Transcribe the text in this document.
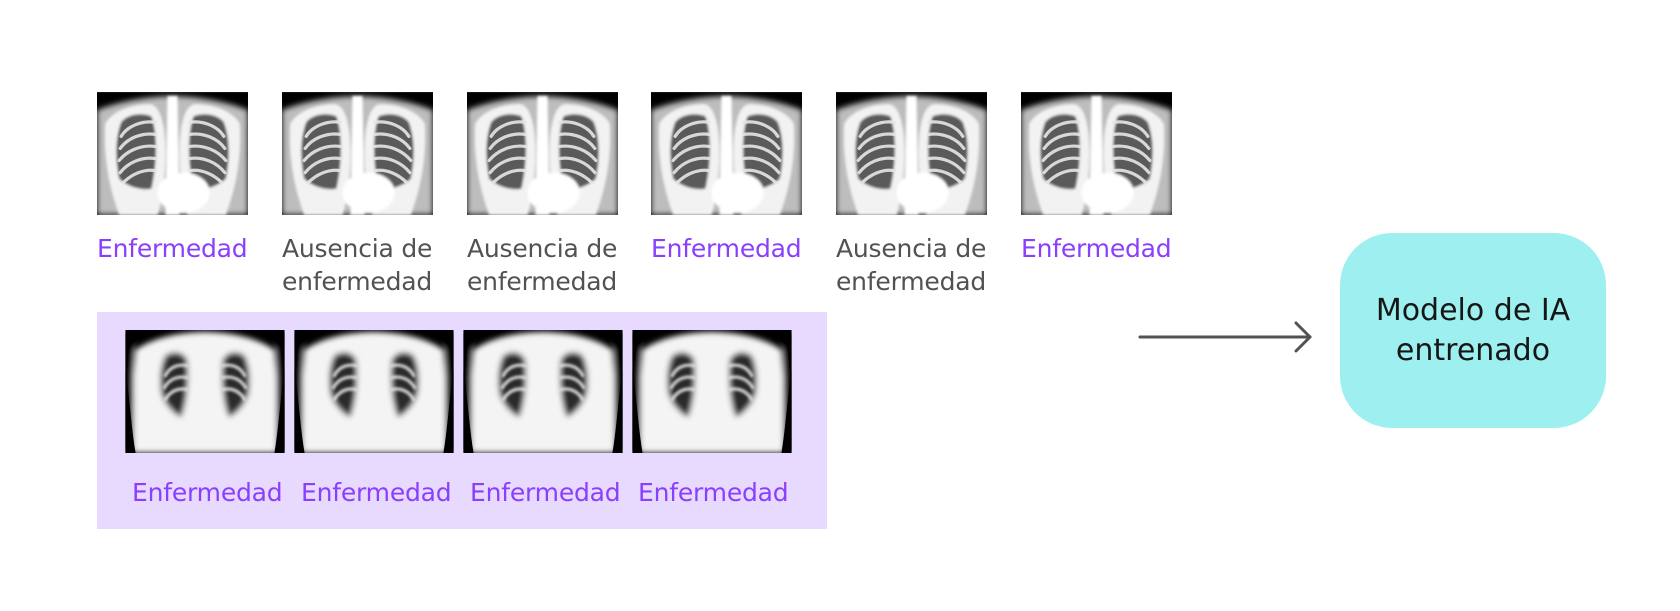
Enfermedad Ausencia de
enfermedad

Ausencia de
enfermedad

Enfermedad Ausencia de
enfermedad

Enfermedad

Enfermedad Enfermedad Enfermedad Enfermedad

Modelo de IA
entrenado
